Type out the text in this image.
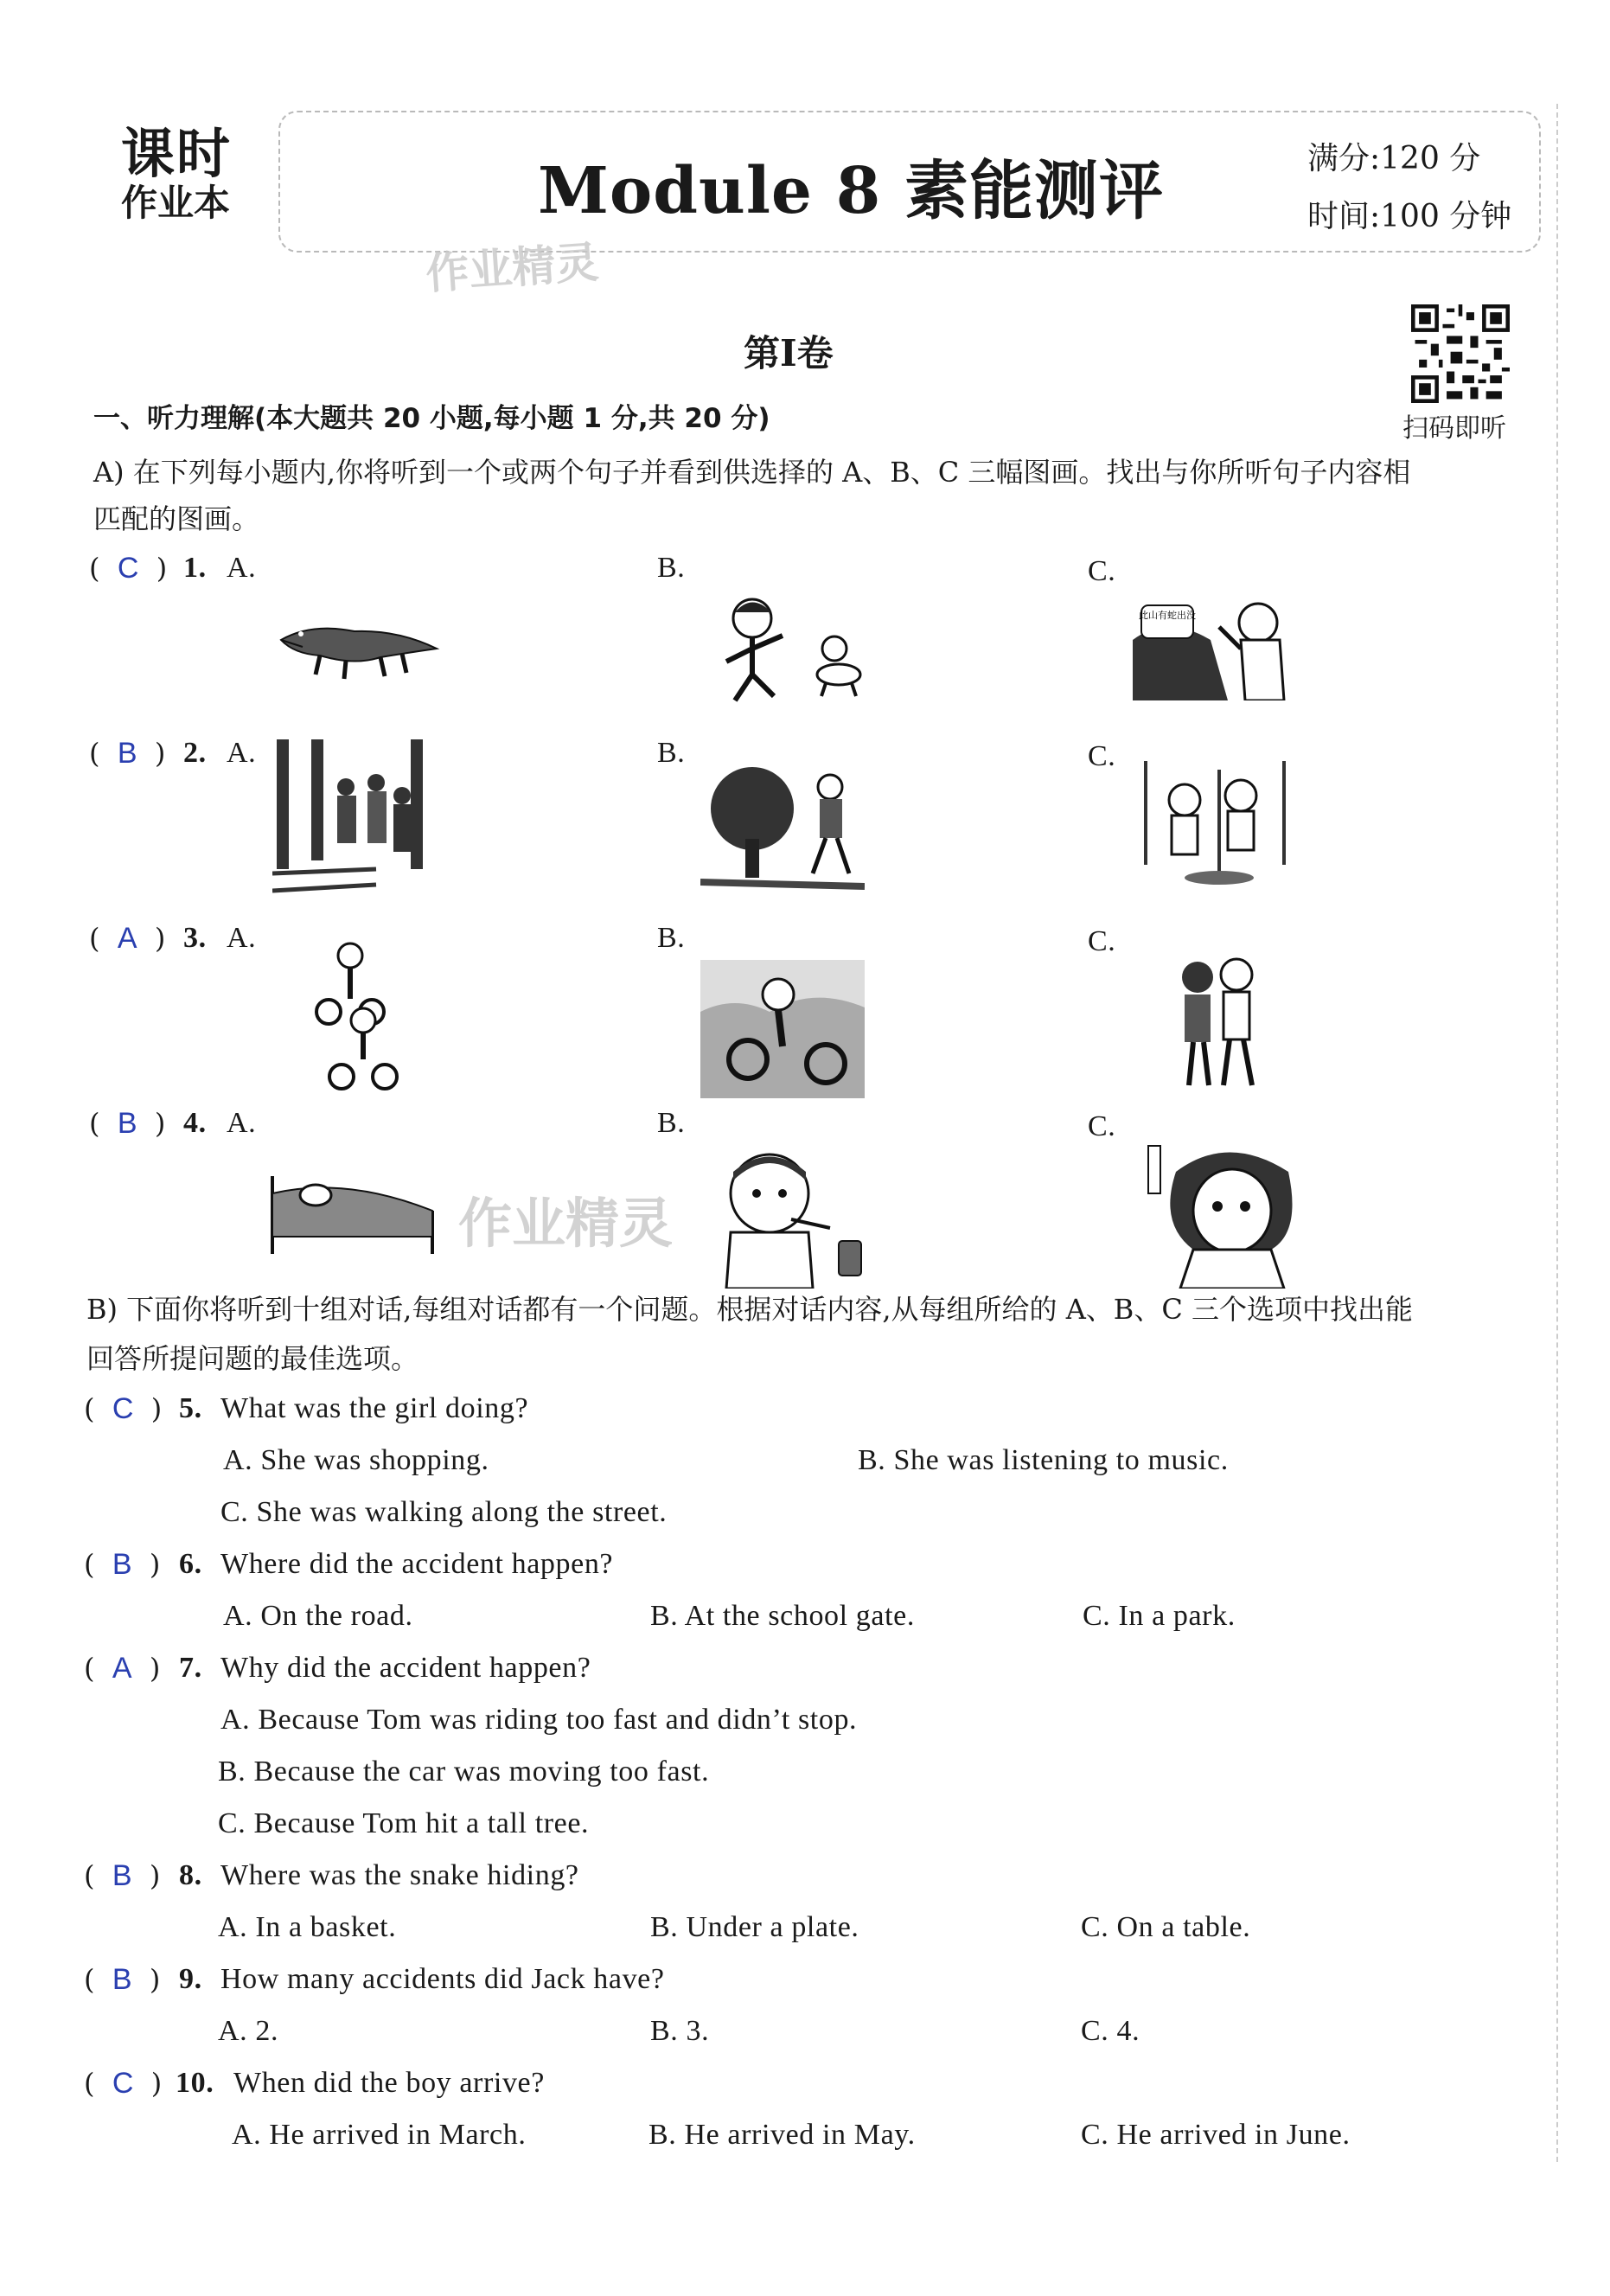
课时
作业本	Module 8 素能测评	满分:120 分
时间:100 分钟
作业精灵
作业精灵
第Ⅰ卷
扫码即听
一、听力理解(本大题共 20 小题,每小题 1 分,共 20 分)
A) 在下列每小题内,你将听到一个或两个句子并看到供选择的 A、B、C 三幅图画。找出与你所听句子内容相
匹配的图画。
(  C  ) 1. A.	B.	C.
(  B  ) 2. A.	B.	C.
(  A  ) 3. A.	B.	C.
(  B  ) 4. A.	B.	C.
此山有蛇出没
B) 下面你将听到十组对话,每组对话都有一个问题。根据对话内容,从每组所给的 A、B、C 三个选项中找出能
回答所提问题的最佳选项。
(  C  ) 5. What was the girl doing?
A. She was shopping.	B. She was listening to music.
C. She was walking along the street.
(  B  ) 6. Where did the accident happen?
A. On the road.	B. At the school gate.	C. In a park.
(  A  ) 7. Why did the accident happen?
A. Because Tom was riding too fast and didn’t stop.
B. Because the car was moving too fast.
C. Because Tom hit a tall tree.
(  B  ) 8. Where was the snake hiding?
A. In a basket.	B. Under a plate.	C. On a table.
(  B  ) 9. How many accidents did Jack have?
A. 2.	B. 3.	C. 4.
(  C  ) 10. When did the boy arrive?
A. He arrived in March.	B. He arrived in May.	C. He arrived in June.
